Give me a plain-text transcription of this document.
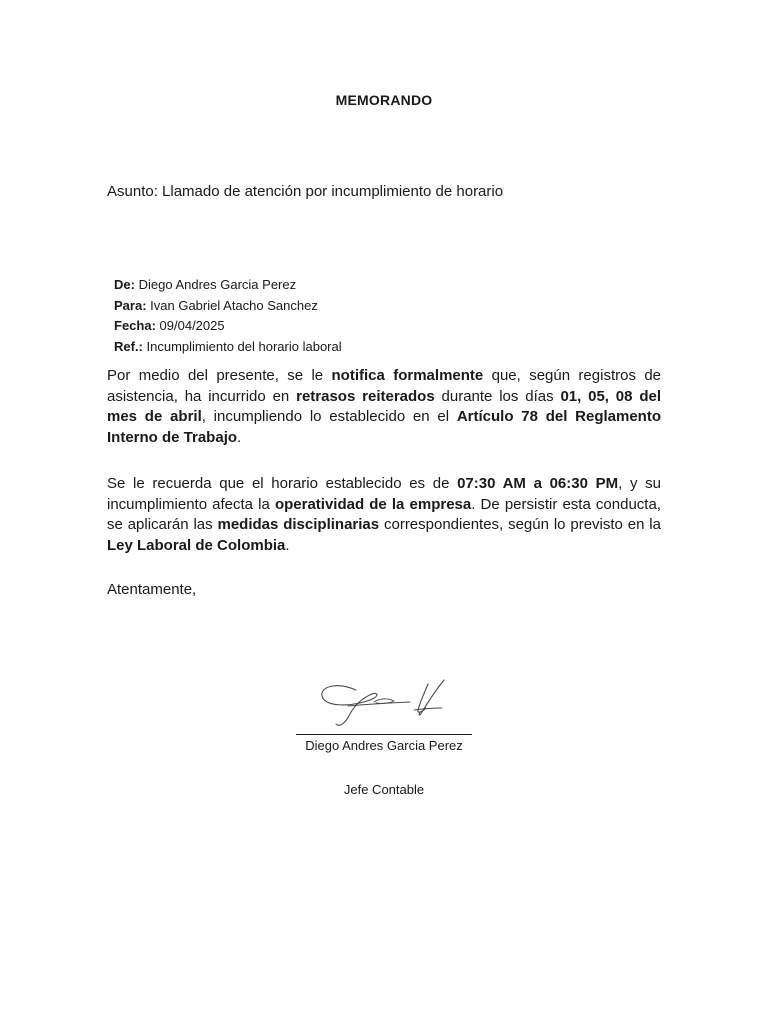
MEMORANDO
Asunto: Llamado de atención por incumplimiento de horario
De: Diego Andres Garcia Perez
Para: Ivan Gabriel Atacho Sanchez
Fecha: 09/04/2025
Ref.: Incumplimiento del horario laboral
Por medio del presente, se le notifica formalmente que, según registros de asistencia, ha incurrido en retrasos reiterados durante los días 01, 05, 08 del mes de abril, incumpliendo lo establecido en el Artículo 78 del Reglamento Interno de Trabajo.
Se le recuerda que el horario establecido es de 07:30 AM a 06:30 PM, y su incumplimiento afecta la operatividad de la empresa. De persistir esta conducta, se aplicarán las medidas disciplinarias correspondientes, según lo previsto en la Ley Laboral de Colombia.
Atentamente,
Diego Andres Garcia Perez
Jefe Contable
